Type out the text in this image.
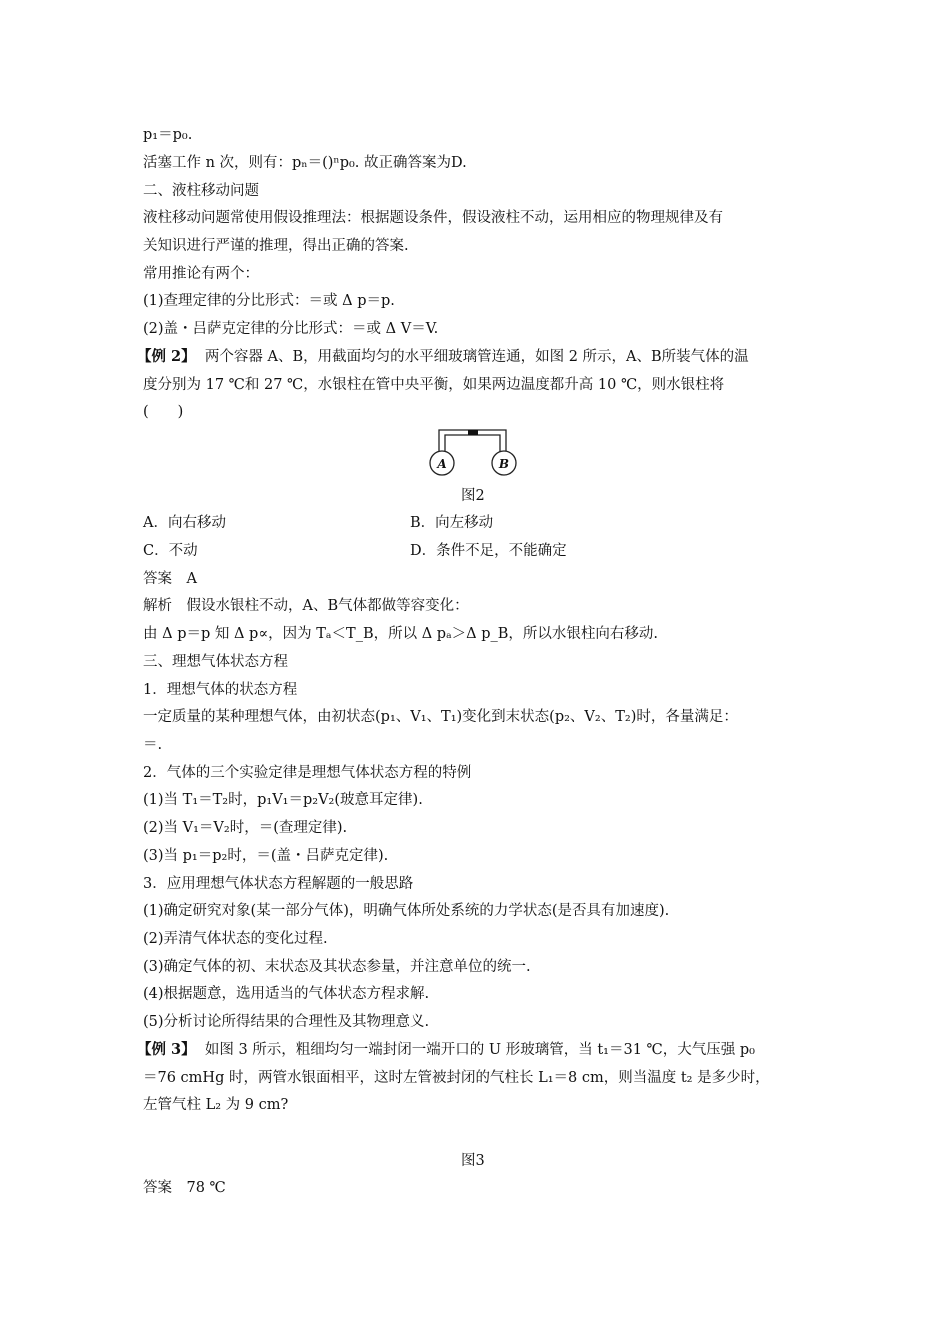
p₁＝p₀.
活塞工作 n 次，则有：pₙ＝()ⁿp₀. 故正确答案为D.
二、液柱移动问题
液柱移动问题常使用假设推理法：根据题设条件，假设液柱不动，运用相应的物理规律及有
关知识进行严谨的推理，得出正确的答案.
常用推论有两个：
(1)查理定律的分比形式：＝或 Δ p＝p.
(2)盖・吕萨克定律的分比形式：＝或 Δ V＝V.
【例 2】 两个容器 A、B，用截面均匀的水平细玻璃管连通，如图 2 所示，A、B所装气体的温
度分别为 17 ℃和 27 ℃，水银柱在管中央平衡，如果两边温度都升高 10 ℃，则水银柱将
(　　)
A	B
图2
A．向右移动	B．向左移动
C．不动	D．条件不足，不能确定
答案　A
解析　假设水银柱不动，A、B气体都做等容变化：
由 Δ p＝p 知 Δ p∝，因为 Tₐ＜T_B，所以 Δ pₐ＞Δ p_B，所以水银柱向右移动.
三、理想气体状态方程
1．理想气体的状态方程
一定质量的某种理想气体，由初状态(p₁、V₁、T₁)变化到末状态(p₂、V₂、T₂)时，各量满足：
＝.
2．气体的三个实验定律是理想气体状态方程的特例
(1)当 T₁＝T₂时，p₁V₁＝p₂V₂(玻意耳定律).
(2)当 V₁＝V₂时，＝(查理定律).
(3)当 p₁＝p₂时，＝(盖・吕萨克定律).
3．应用理想气体状态方程解题的一般思路
(1)确定研究对象(某一部分气体)，明确气体所处系统的力学状态(是否具有加速度).
(2)弄清气体状态的变化过程.
(3)确定气体的初、末状态及其状态参量，并注意单位的统一.
(4)根据题意，选用适当的气体状态方程求解.
(5)分析讨论所得结果的合理性及其物理意义.
【例 3】 如图 3 所示，粗细均匀一端封闭一端开口的 U 形玻璃管，当 t₁＝31 ℃，大气压强 p₀
＝76 cmHg 时，两管水银面相平，这时左管被封闭的气柱长 L₁＝8 cm，则当温度 t₂ 是多少时，
左管气柱 L₂ 为 9 cm?
图3
答案　78 ℃
